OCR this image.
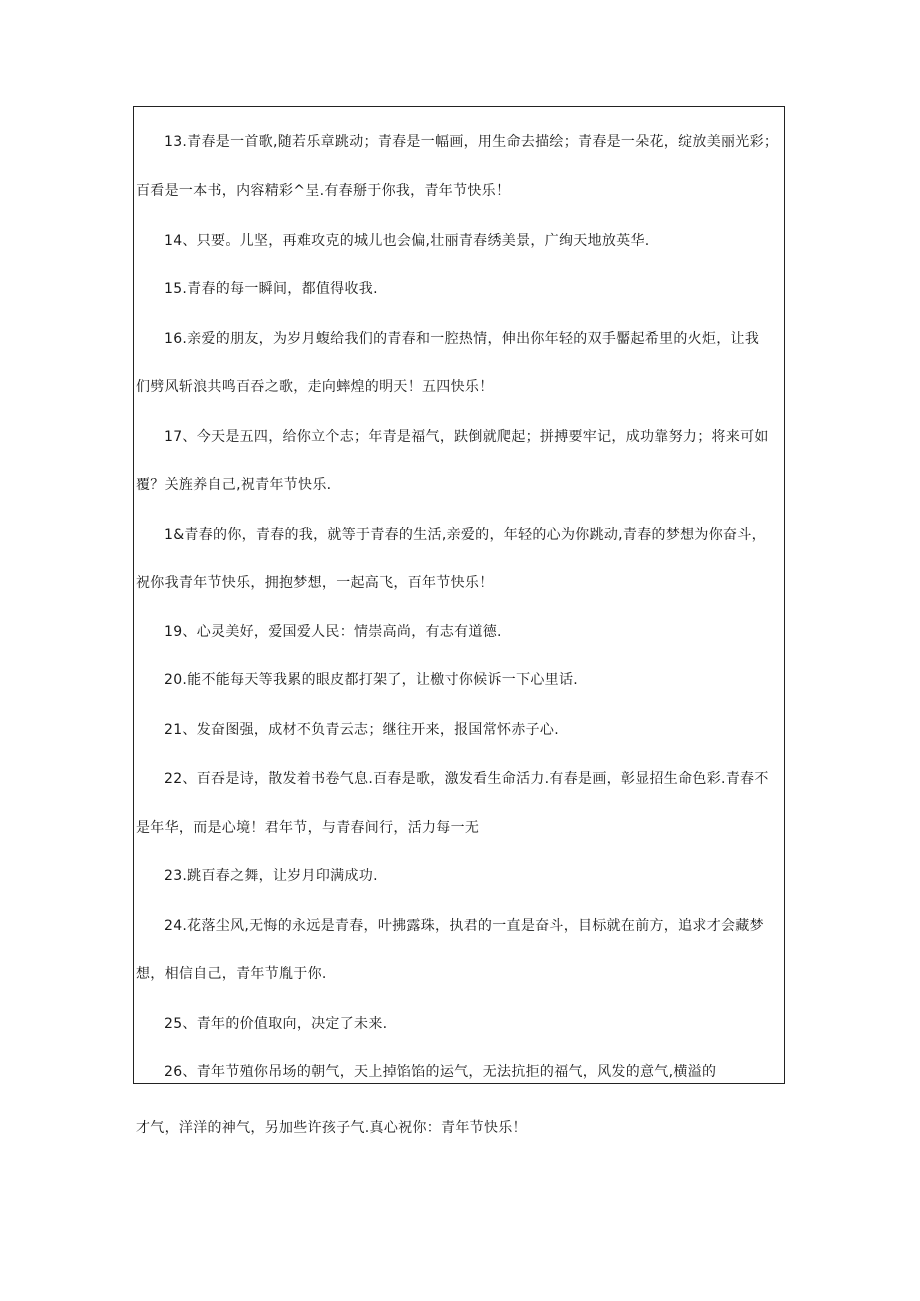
13.青春是一首歌,随若乐章跳动；青春是一幅画，用生命去描绘；青春是一朵花，绽放美丽光彩；
百看是一本书，内容精彩^呈.有春掰于你我，青年节快乐！
14、只要。儿坚，再难攻克的城儿也会偏,壮丽青春绣美景，广绚天地放英华.
15.青春的每一瞬间，都值得收我.
16.亲爱的朋友，为岁月蝮给我们的青春和一腔热情，伸出你年轻的双手靨起希里的火炬，让我
们劈风斩浪共鸣百吞之歌，走向蟀煌的明天！五四快乐！
17、今天是五四，给你立个志；年青是福气，趺倒就爬起；拼搏要牢记，成功靠努力；将来可如
覆？关旌养自己,祝青年节快乐.
1&青春的你，青春的我，就等于青春的生活,亲爱的，年轻的心为你跳动,青春的梦想为你奋斗，
祝你我青年节快乐，拥抱梦想，一起高飞，百年节快乐！
19、心灵美好，爱国爱人民：情崇高尚，有志有道德.
20.能不能每天等我累的眼皮都打架了，让檄寸你候诉一下心里话.
21、发奋图强，成材不负青云志；继往开来，报国常怀赤子心.
22、百吞是诗，散发着书卷气息.百春是歌，激发看生命活力.有春是画，彰显招生命色彩.青春不
是年华，而是心境！君年节，与青春间行，活力每一无
23.跳百春之舞，让岁月印满成功.
24.花落尘风,无悔的永远是青春，叶拂露珠，执君的一直是奋斗，目标就在前方，追求才会藏梦
想，相信自己，青年节胤于你.
25、青年的价值取向，决定了未来.
26、青年节殖你吊场的朝气，天上掉馅馅的运气，无法抗拒的福气，风发的意气,横溢的
才气，洋洋的神气，另加些许孩子气.真心祝你：青年节快乐！
